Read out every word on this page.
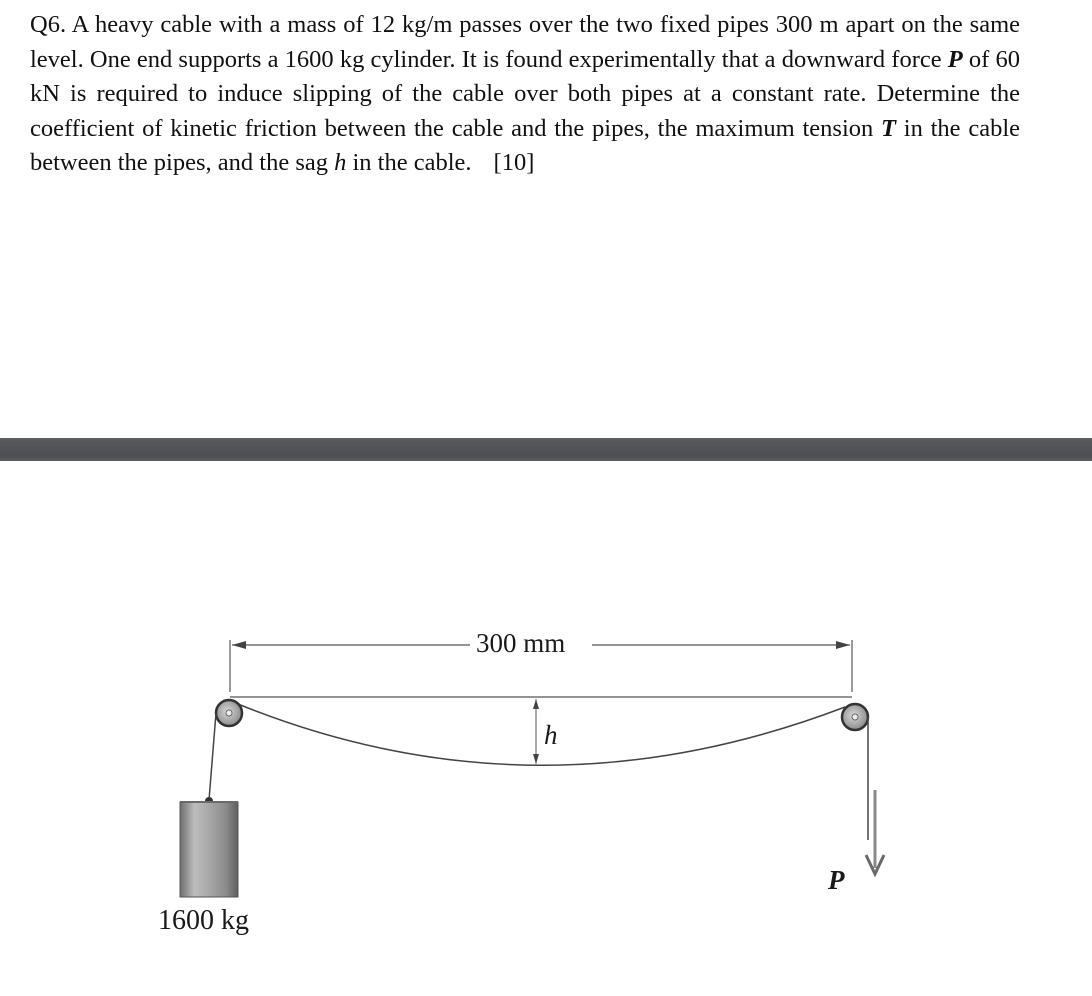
Q6. A heavy cable with a mass of 12 kg/m passes over the two fixed pipes 300 m apart on the same level. One end supports a 1600 kg cylinder. It is found experimentally that a downward force P of 60 kN is required to induce slipping of the cable over both pipes at a constant rate. Determine the coefficient of kinetic friction between the cable and the pipes, the maximum tension T in the cable between the pipes, and the sag h in the cable. [10]

300 mm
h
1600 kg
P
